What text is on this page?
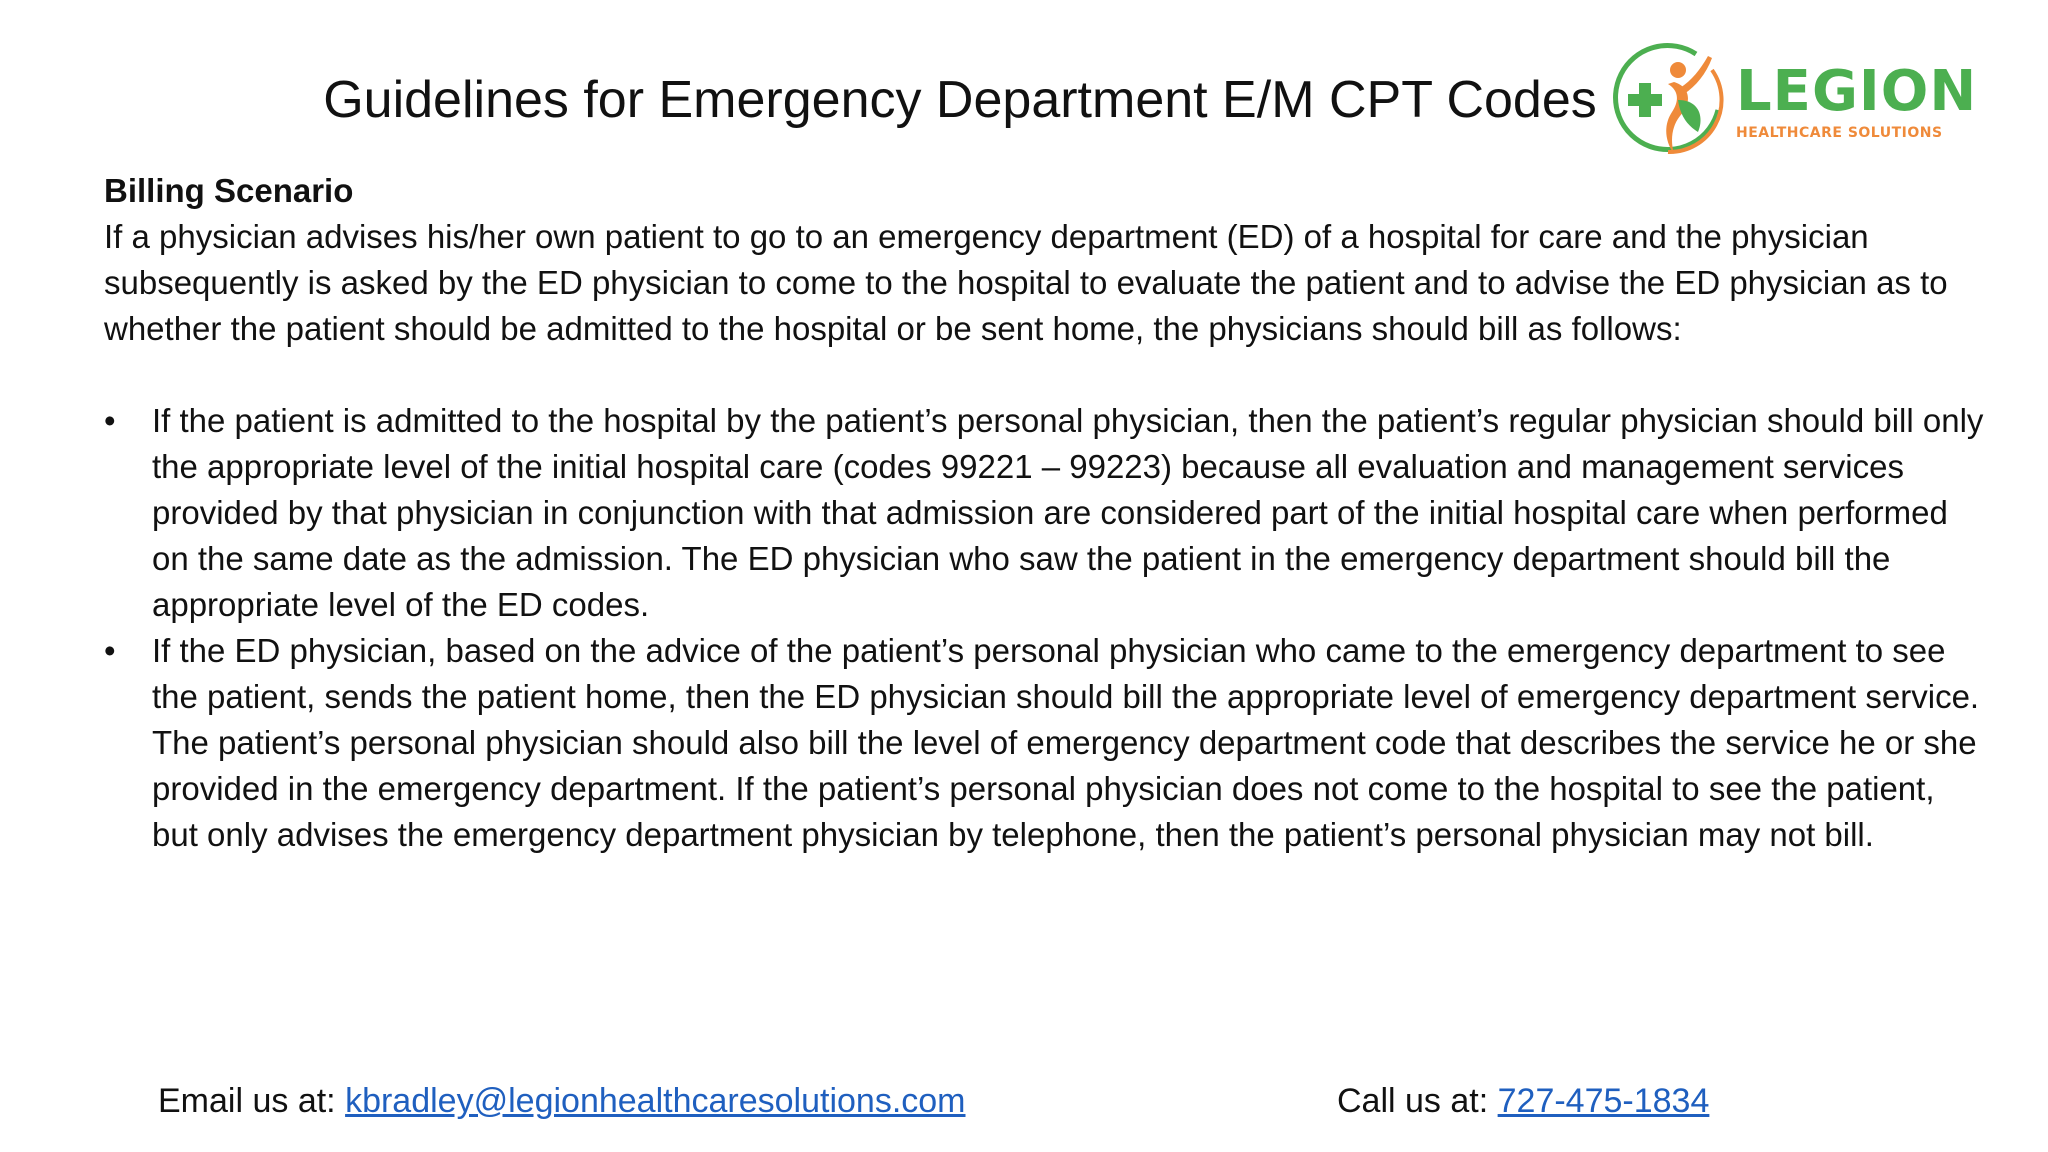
Guidelines for Emergency Department E/M CPT Codes	LEGION
HEALTHCARE SOLUTIONS

Billing Scenario

If a physician advises his/her own patient to go to an emergency department (ED) of a hospital for care and the physician subsequently is asked by the ED physician to come to the hospital to evaluate the patient and to advise the ED physician as to whether the patient should be admitted to the hospital or be sent home, the physicians should bill as follows:

•	If the patient is admitted to the hospital by the patient’s personal physician, then the patient’s regular physician should bill only the appropriate level of the initial hospital care (codes 99221 – 99223) because all evaluation and management services provided by that physician in conjunction with that admission are considered part of the initial hospital care when performed on the same date as the admission. The ED physician who saw the patient in the emergency department should bill the appropriate level of the ED codes.
•	If the ED physician, based on the advice of the patient’s personal physician who came to the emergency department to see the patient, sends the patient home, then the ED physician should bill the appropriate level of emergency department service. The patient’s personal physician should also bill the level of emergency department code that describes the service he or she provided in the emergency department. If the patient’s personal physician does not come to the hospital to see the patient, but only advises the emergency department physician by telephone, then the patient’s personal physician may not bill.
Email us at: kbradley@legionhealthcaresolutions.com	Call us at: 727-475-1834
